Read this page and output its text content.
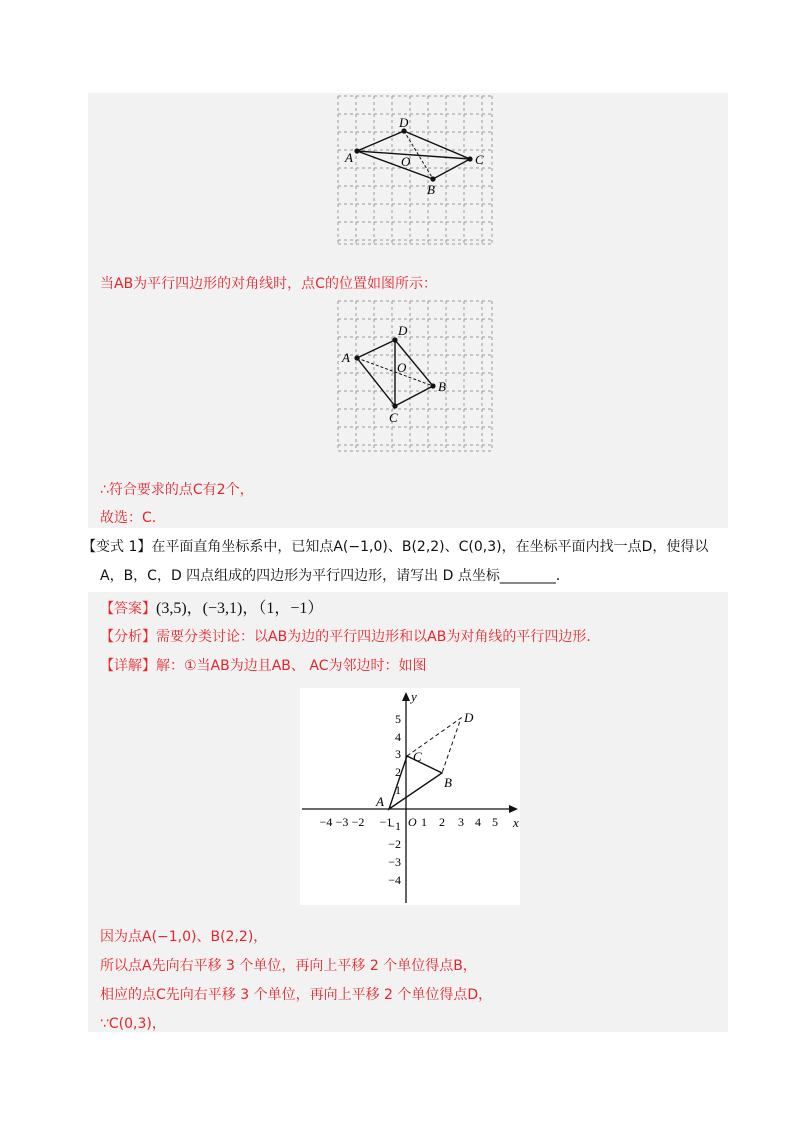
A
D
O	C
B
当AB为平行四边形的对角线时，点C的位置如图所示：
A
D
O
B
C
∴符合要求的点C有2个，
故选：C．
【变式 1】在平面直角坐标系中，已知点A(−1,0)、B(2,2)、C(0,3)，在坐标平面内找一点D，使得以
A，B，C，D 四点组成的四边形为平行四边形，请写出 D 点坐标________．
【答案】(3,5)，(−3,1)，（1，−1）
【分析】需要分类讨论：以AB为边的平行四边形和以AB为对角线的平行四边形．
【详解】解：①当AB为边且AB、 AC为邻边时：如图
x
y
−4 −3 −2 −1 1 2 3 4 5
O
5
4
3
2
1
−1
−2
−3
−4
A
B
C
D
因为点A(−1,0)、B(2,2)，
所以点A先向右平移 3 个单位，再向上平移 2 个单位得点B，
相应的点C先向右平移 3 个单位，再向上平移 2 个单位得点D，
∵C(0,3)，
